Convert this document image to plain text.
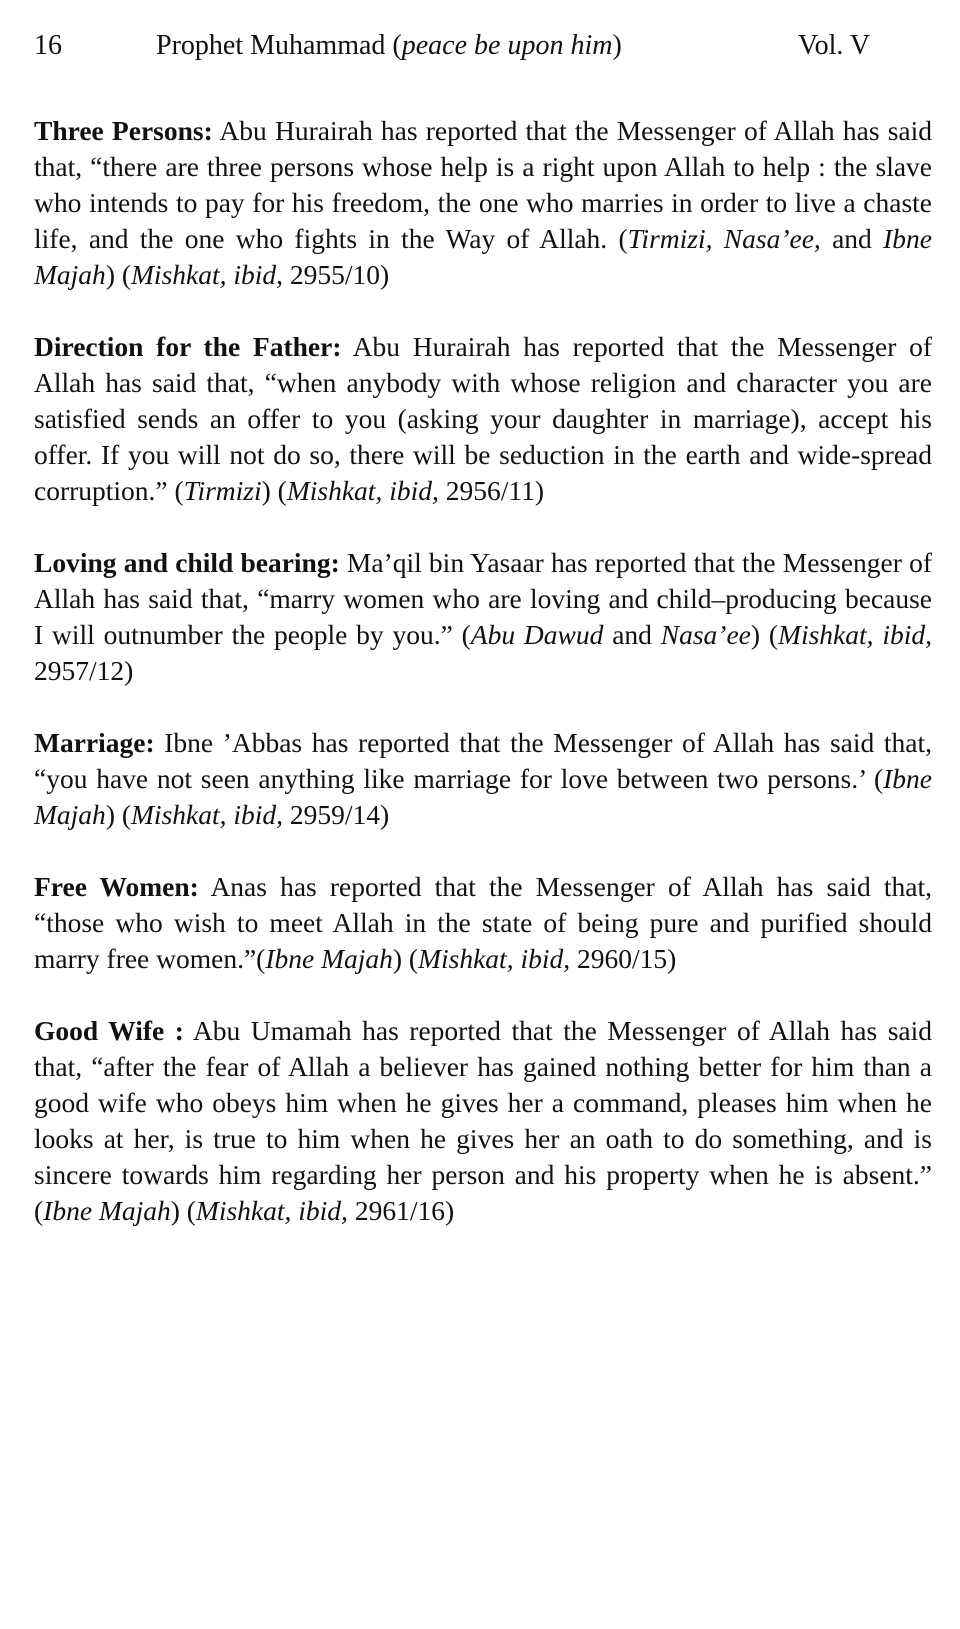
16	Prophet Muhammad (peace be upon him)	Vol. V

Three Persons: Abu Hurairah has reported that the Messenger of Allah has said that, “there are three persons whose help is a right upon Allah to help : the slave who intends to pay for his freedom, the one who marries in order to live a chaste life, and the one who fights in the Way of Allah. (Tirmizi, Nasa’ee, and Ibne Majah) (Mishkat, ibid, 2955/10)

Direction for the Father: Abu Hurairah has reported that the Messenger of Allah has said that, “when anybody with whose religion and character you are satisfied sends an offer to you (asking your daughter in marriage), accept his offer. If you will not do so, there will be seduction in the earth and wide-spread corruption.” (Tirmizi) (Mishkat, ibid, 2956/11)

Loving and child bearing: Ma’qil bin Yasaar has reported that the Messenger of Allah has said that, “marry women who are loving and child–producing because I will outnumber the people by you.” (Abu Dawud and Nasa’ee) (Mishkat, ibid, 2957/12)

Marriage: Ibne ’Abbas has reported that the Messenger of Allah has said that, “you have not seen anything like marriage for love between two persons.’ (Ibne Majah) (Mishkat, ibid, 2959/14)

Free Women: Anas has reported that the Messenger of Allah has said that, “those who wish to meet Allah in the state of being pure and purified should marry free women.”(Ibne Majah) (Mishkat, ibid, 2960/15)

Good Wife : Abu Umamah has reported that the Messenger of Allah has said that, “after the fear of Allah a believer has gained nothing better for him than a good wife who obeys him when he gives her a command, pleases him when he looks at her, is true to him when he gives her an oath to do something, and is sincere towards him regarding her person and his property when he is absent.” (Ibne Majah) (Mishkat, ibid, 2961/16)
